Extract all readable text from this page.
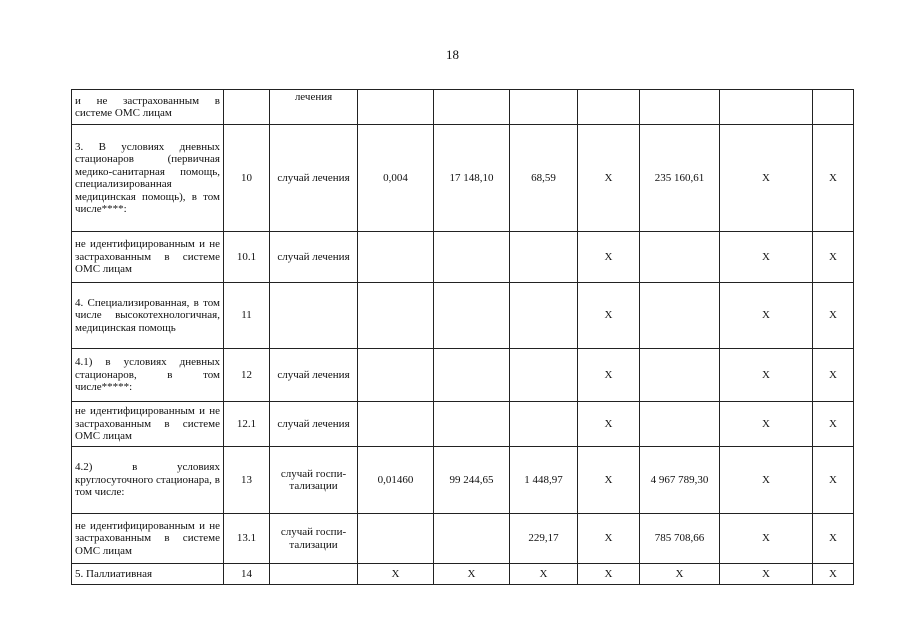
18
и не застрахованным в системе ОМС лицам		лечения							
3. В условиях дневных стационаров (первичная медико-санитарная помощь, специализированная медицинская помощь), в том числе****:	10	случай лечения	0,004	17 148,10	68,59	Х	235 160,61	Х	Х
не идентифицированным и не застрахованным в системе ОМС лицам	10.1	случай лечения				Х		Х	Х
4. Специализированная, в том числе высокотехнологичная, медицинская помощь	11					Х		Х	Х
4.1) в условиях дневных стационаров, в том числе*****:	12	случай лечения				Х		Х	Х
не идентифицированным и не застрахованным в системе ОМС лицам	12.1	случай лечения				Х		Х	Х
4.2) в условиях круглосуточного стационара, в том числе:	13	случай госпи-тализации	0,01460	99 244,65	1 448,97	Х	4 967 789,30	Х	Х
не идентифицированным и не застрахованным в системе ОМС лицам	13.1	случай госпи-тализации			229,17	Х	785 708,66	Х	Х
5. Паллиативная	14		Х	Х	Х	Х	Х	Х	Х
